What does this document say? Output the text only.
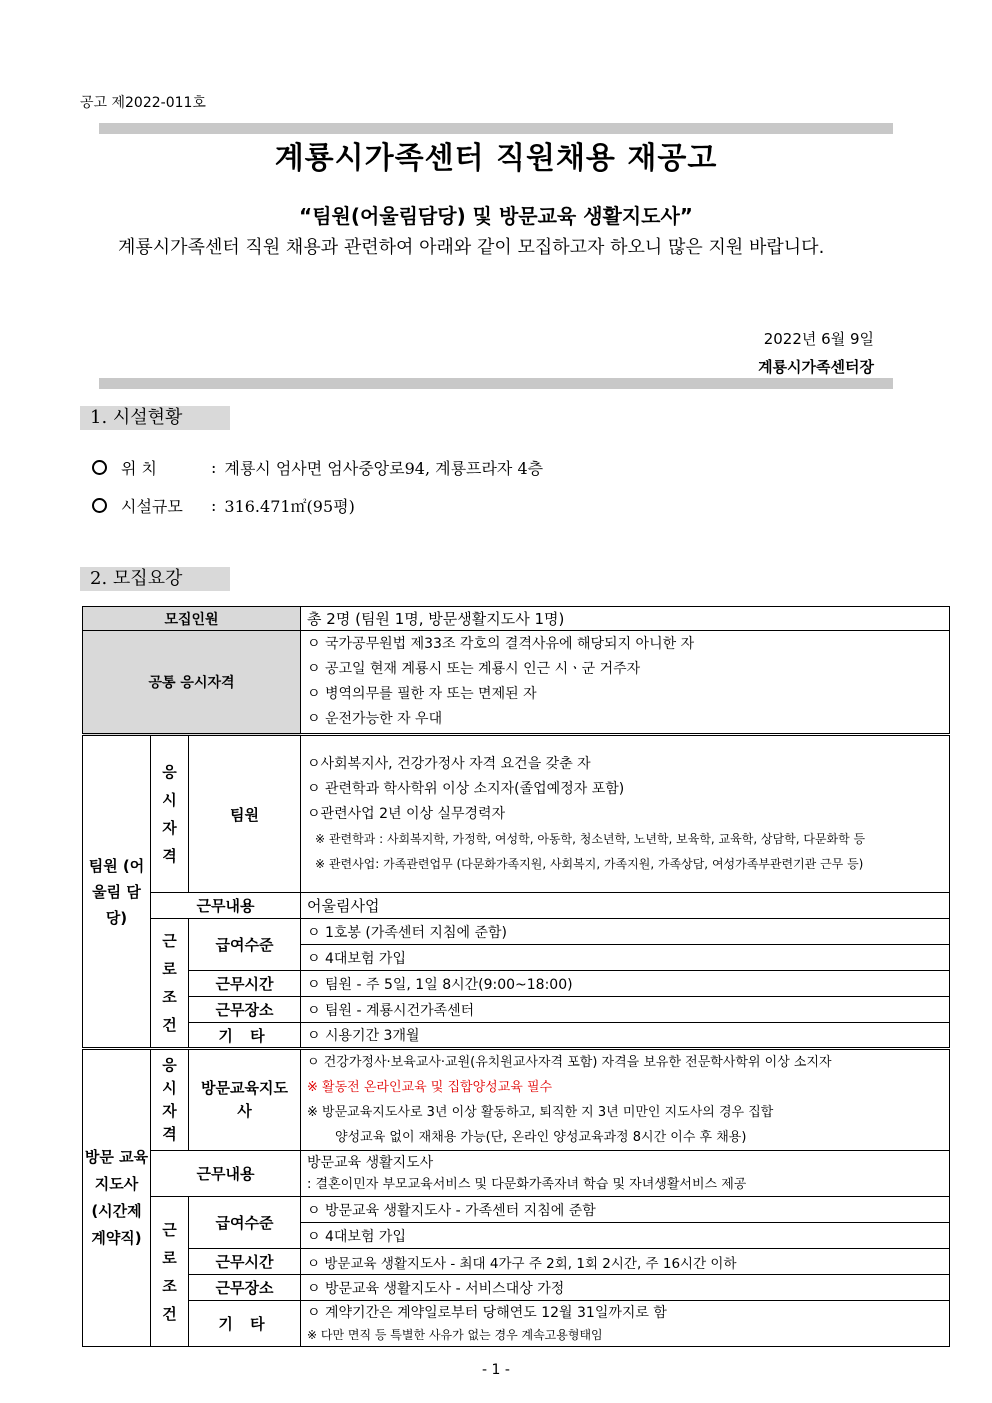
공고 제2022-011호
계룡시가족센터 직원채용 재공고
“팀원(어울림담당) 및 방문교육 생활지도사”
계룡시가족센터 직원 채용과 관련하여 아래와 같이 모집하고자 하오니 많은 지원 바랍니다.
2022년 6월 9일
계룡시가족센터장
1. 시설현황
위 치	: 계룡시 엄사면 엄사중앙로94, 계룡프라자 4층
시설규모	: 316.471㎡(95평)
2. 모집요강
모집인원			총 2명 (팀원 1명, 방문생활지도사 1명)
공통 응시자격			ㅇ 국가공무원법 제33조 각호의 결격사유에 해당되지 아니한 자
ㅇ 공고일 현재 계룡시 또는 계룡시 인근 시ㆍ군 거주자
ㅇ 병역의무를 필한 자 또는 면제된 자
ㅇ 운전가능한 자 우대

팀원 (어울림 담당)	응시자격	팀원	ㅇ사회복지사, 건강가정사 자격 요건을 갖춘 자
ㅇ 관련학과 학사학위 이상 소지자(졸업예정자 포함)
ㅇ관련사업 2년 이상 실무경력자
※ 관련학과 : 사회복지학, 가정학, 여성학, 아동학, 청소년학, 노년학, 보육학, 교육학, 상담학, 다문화학 등
※ 관련사업: 가족관련업무 (다문화가족지원, 사회복지, 가족지원, 가족상담, 여성가족부관련기관 근무 등)

	근무내용		어울림사업
	근로조건	급여수준	ㅇ 1호봉 (가족센터 지침에 준함)
			ㅇ 4대보험 가입
		근무시간	ㅇ 팀원 - 주 5일, 1일 8시간(9:00~18:00)
		근무장소	ㅇ 팀원 - 계룡시건가족센터
		기 타	ㅇ 시용기간 3개월
방문 교육 지도사 (시간제 계약직)	응시자격	방문교육지도사	ㅇ 건강가정사·보육교사·교원(유치원교사자격 포함) 자격을 보유한 전문학사학위 이상 소지자
※ 활동전 온라인교육 및 집합양성교육 필수
※ 방문교육지도사로 3년 이상 활동하고, 퇴직한 지 3년 미만인 지도사의 경우 집합
양성교육 없이 재채용 가능(단, 온라인 양성교육과정 8시간 이수 후 채용)

	근무내용		방문교육 생활지도사
: 결혼이민자 부모교육서비스 및 다문화가족자녀 학습 및 자녀생활서비스 제공

	근로조건	급여수준	ㅇ 방문교육 생활지도사 - 가족센터 지침에 준함
			ㅇ 4대보험 가입
		근무시간	ㅇ 방문교육 생활지도사 - 최대 4가구 주 2회, 1회 2시간, 주 16시간 이하
		근무장소	ㅇ 방문교육 생활지도사 - 서비스대상 가정
		기 타	ㅇ 계약기간은 계약일로부터 당해연도 12월 31일까지로 함
※ 다만 면직 등 특별한 사유가 없는 경우 계속고용형태임
- 1 -
